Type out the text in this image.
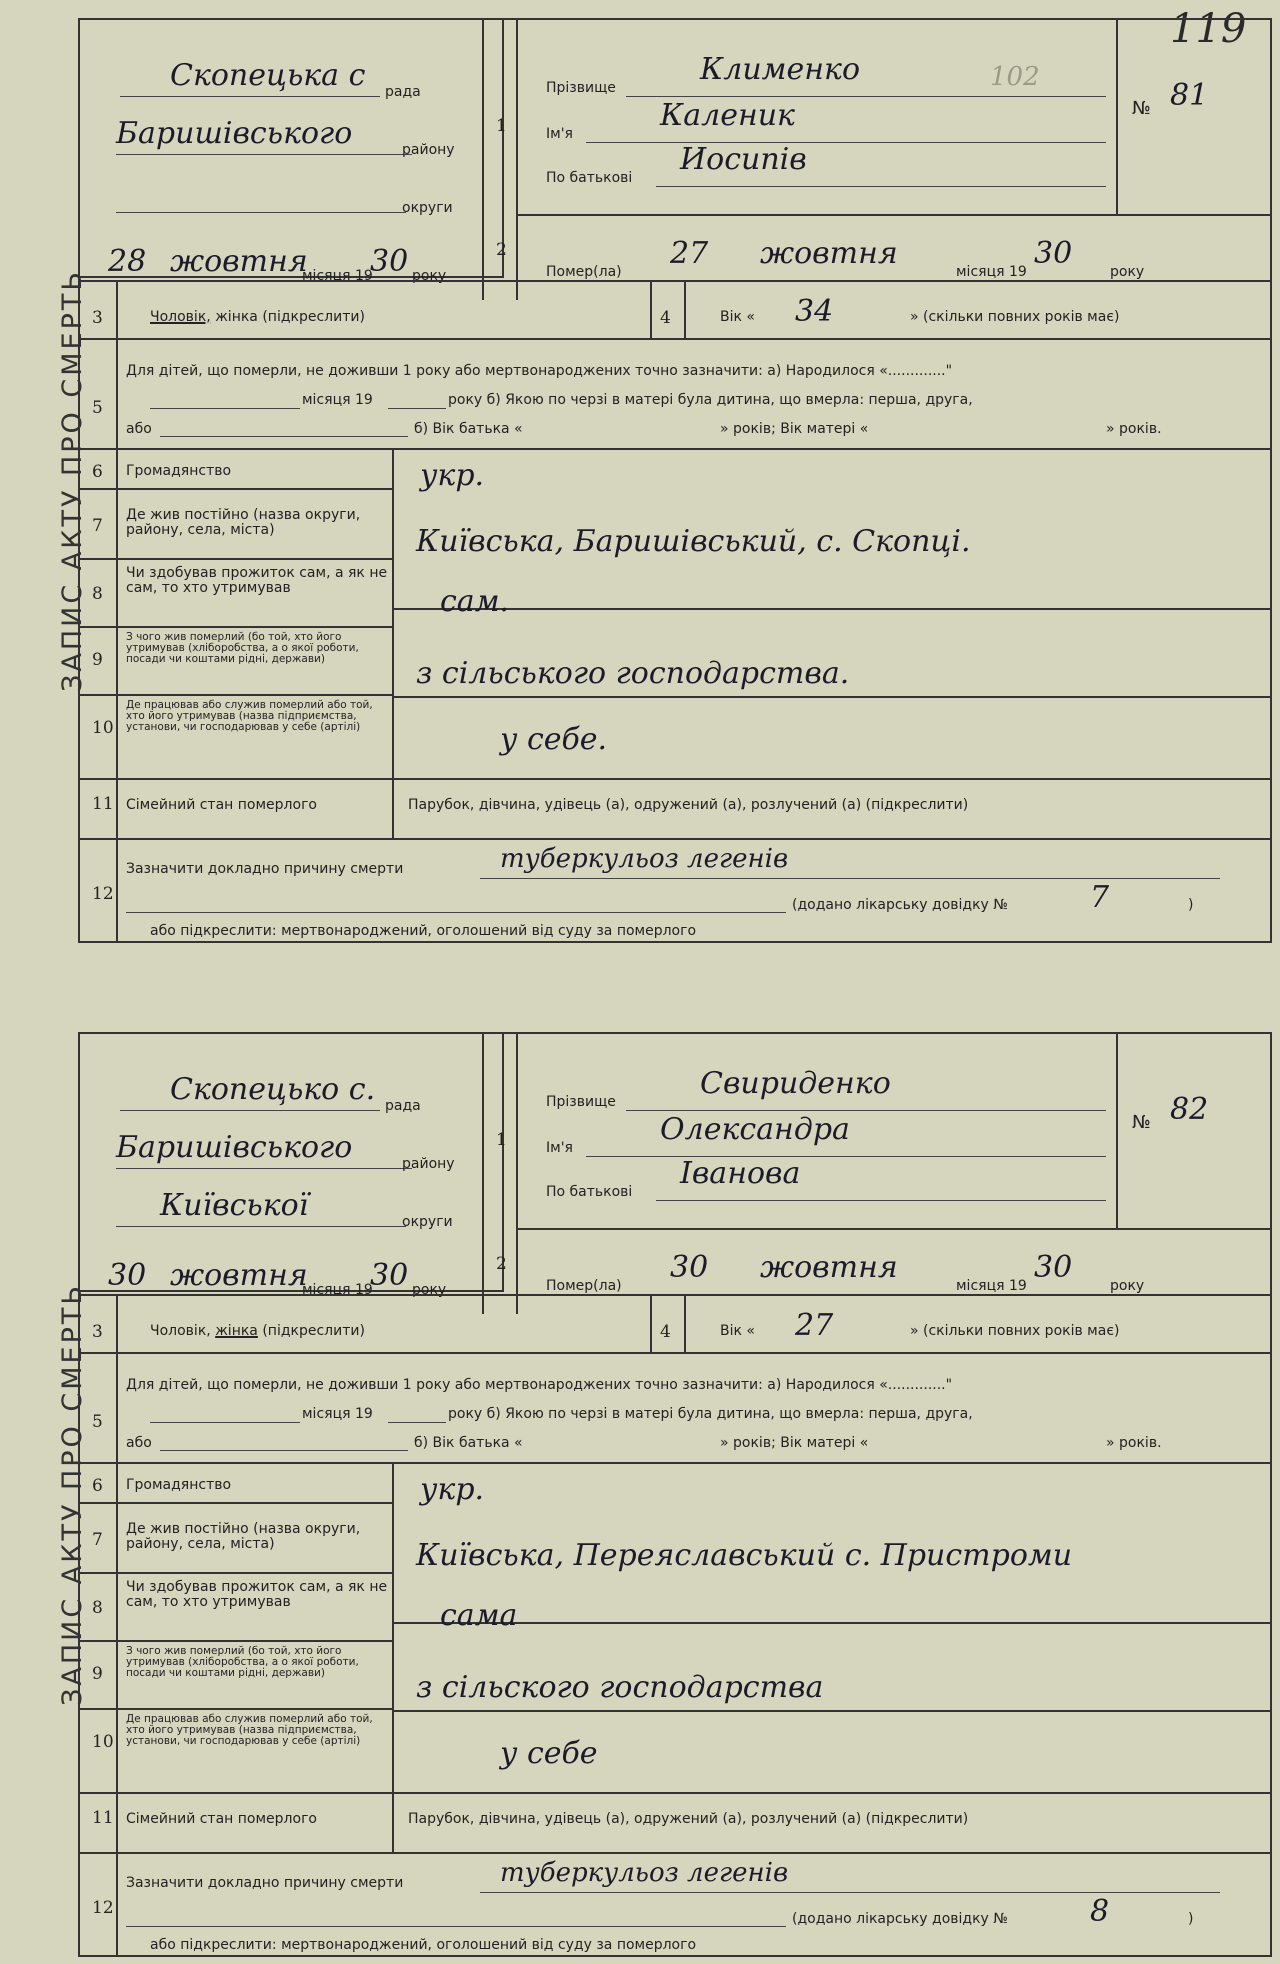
119
ЗАПИС АКТУ ПРО СМЕРТЬ
Скопецька с рада
Баришівського	району
округи
28 жовтня
місяця 19
30 року
1
2
Прізвище
Клименко
Ім'я
Каленик
По батькові
Иосипів
Помер(ла)
27 жовтня
місяця 19
30
року
№ 81
102
3	Чоловік, жінка (підкреслити)	4	Вік « 34	» (скільки повних років має)
5
Для дітей, що померли, не доживши 1 року або мертвонароджених точно зазначити: а) Народилося «............."
місяця 19	року б) Якою по черзі в матері була дитина, що вмерла: перша, друга,
або	б) Вік батька «	» років; Вік матері «	» років.
6 Громадянство	укр.
7
Де жив постійно (назва округи, району, села, міста)	Київська, Баришівський, с. Скопці.
8
Чи здобував прожиток сам, а як не сам, то хто утримував	сам.
9
З чого жив померлий (бо той, хто його утримував (хліборобства, а о якої роботи, посади чи коштами рідні, держави)	з сільського господарства.
10
Де працював або служив померлий або той, хто його утримував (назва підприємства, установи, чи господарював у себе (артілі)	у себе.
11 Сімейний стан померлого	Парубок, дівчина, удівець (а), одружений (а), розлучений (а) (підкреслити)
12
Зазначити докладно причину смерти	туберкульоз легенів
(додано лікарську довідку №	7	)
або підкреслити: мертвонароджений, оголошений від суду за померлого
ЗАПИС АКТУ ПРО СМЕРТЬ
Скопецько с. рада
Баришівського	району
Київської	округи
30 жовтня
місяця 19
30 року
1
2
Прізвище
Свириденко
Ім'я
Олександра
По батькові
Іванова
Помер(ла)
30 жовтня
місяця 19
30
року
№ 82
3	Чоловік, жінка (підкреслити)	4	Вік « 27	» (скільки повних років має)
5
Для дітей, що померли, не доживши 1 року або мертвонароджених точно зазначити: а) Народилося «............."
місяця 19	року б) Якою по черзі в матері була дитина, що вмерла: перша, друга,
або	б) Вік батька «	» років; Вік матері «	» років.
6 Громадянство	укр.
7
Де жив постійно (назва округи, району, села, міста)	Київська, Переяславський с. Пристроми
8
Чи здобував прожиток сам, а як не сам, то хто утримував	сама
9
З чого жив померлий (бо той, хто його утримував (хліборобства, а о якої роботи, посади чи коштами рідні, держави)	з сільского господарства
10
Де працював або служив померлий або той, хто його утримував (назва підприємства, установи, чи господарював у себе (артілі)	у себе
11 Сімейний стан померлого	Парубок, дівчина, удівець (а), одружений (а), розлучений (а) (підкреслити)
12
Зазначити докладно причину смерти	туберкульоз легенів
(додано лікарську довідку №	8	)
або підкреслити: мертвонароджений, оголошений від суду за померлого
